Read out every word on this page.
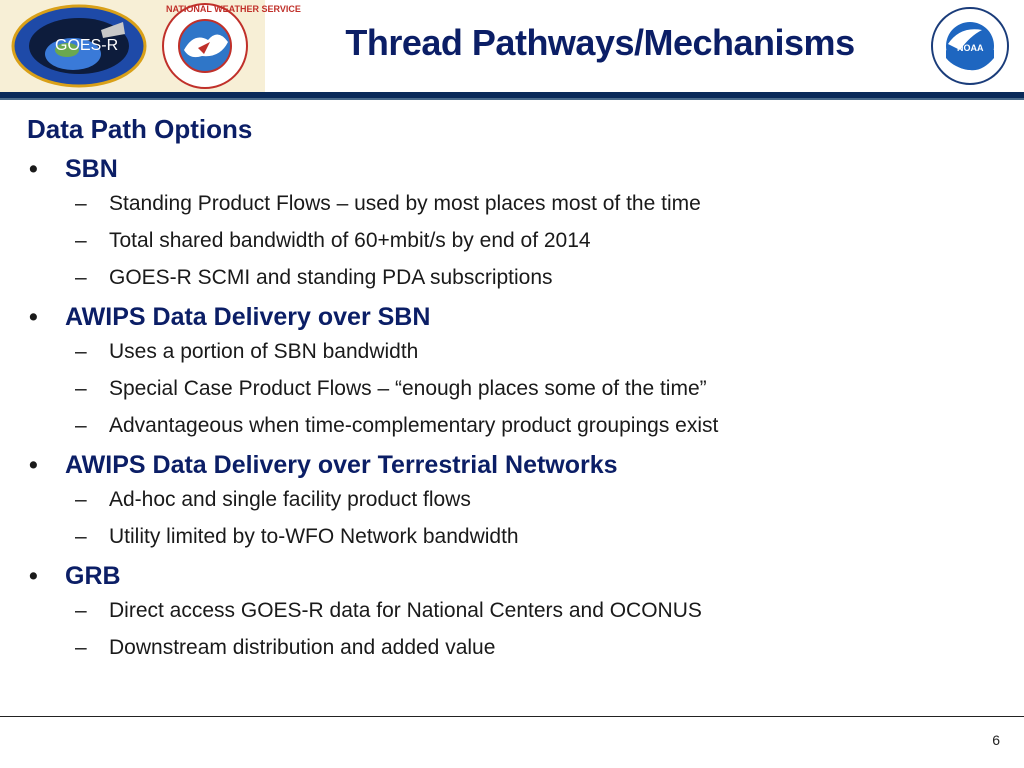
GOES-R
NATIONAL WEATHER SERVICE
Thread Pathways/Mechanisms	NOAA
Data Path Options
• SBN
– Standing Product Flows – used by most places most of the time
– Total shared bandwidth of 60+mbit/s by end of 2014
– GOES-R SCMI and standing PDA subscriptions
• AWIPS Data Delivery over SBN
– Uses a portion of SBN bandwidth
– Special Case Product Flows – “enough places some of the time”
– Advantageous when time-complementary product groupings exist
• AWIPS Data Delivery over Terrestrial Networks
– Ad-hoc and single facility product flows
– Utility limited by to-WFO Network bandwidth
• GRB
– Direct access GOES-R data for National Centers and OCONUS
– Downstream distribution and added value
6
